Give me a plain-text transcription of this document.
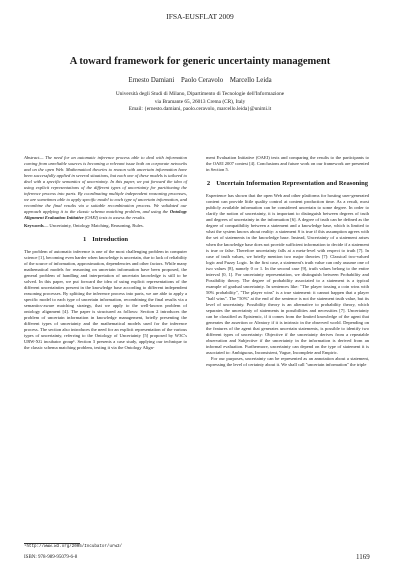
IFSA-EUSFLAT 2009
A toward framework for generic uncertainty management
Ernesto Damiani    Paolo Ceravolo    Marcello Leida
Università degli Studi di Milano, Dipartimento di Tecnologie dell'Informazione
via Bramante 65, 26013 Crema (CR), Italy
Email: {ernesto.damiani, paolo.ceravolo, marcello.leida}@unimi.it

Abstract— The need for an automatic inference process able to deal with information coming from unreliable sources is becoming a relevant issue both on corporate networks and on the open Web. Mathematical theories to reason with uncertain information have been successfully applied in several situations, but each one of these models is tailored to deal with a specific semantics of uncertainty. In this paper, we put forward the idea of using explicit representations of the different types of uncertainty for partitioning the inference process into parts. By coordinating multiple independent reasoning processes, we are sometimes able to apply specific model to each type of uncertain information, and recombine the final results via a suitable recombination process. We validated our approach applying it to the classic schema matching problem, and using the Ontology Alignment Evaluation Initiative (OAEI) tests to assess the results.

Keywords— Uncertainty, Ontology Matching, Reasoning, Rules.

1 Introduction

The problem of automatic inference is one of the most challenging problem in computer science [1], becoming even harder when knowledge is uncertain, due to lack of reliability of the source of information, approximation, dependencies and other factors. While many mathematical models for reasoning on uncertain information have been proposed, the general problem of handling and interpretation of uncertain knowledge is still to be solved. In this paper, we put forward the idea of using explicit representations of the different uncertainties present in the knowledge base according to different independent reasoning processes. By splitting the inference process into parts, we are able to apply a specific model to each type of uncertain information, recombining the final results via a semantics-aware matching strategy, that we apply to the well-known problem of ontology alignment [4]. The paper is structured as follows: Section 2 introduces the problem of uncertain information in knowledge management, briefly presenting the different types of uncertainty and the mathematical models used for the inference process. The section also introduces the need for an explicit representation of the various types of uncertainty, referring to the Ontology of Uncertainty [5] proposed by W3C's URW-XG incubator group¹. Section 3 presents a case study, applying our technique to the classic schema matching problem, testing it via the Ontology Align-

ment Evaluation Initiative (OAEI) tests and comparing the results to the participants to the OAEI 2007 contest [4]. Conclusions and future work on our framework are presented in Section 5.

2 Uncertain Information Representation and Reasoning

Experience has shown that the open Web and other platforms for hosting user-generated content can provide little quality control at content production time. As a result, most publicly available information can be considered uncertain to some degree. In order to clarify the notion of uncertainty, it is important to distinguish between degrees of truth and degrees of uncertainty in the information [6]. A degree of truth can be defined as the degree of compatibility between a statement and a knowledge base, which is limited to what the system knows about reality: a statement S is true if this assumption agrees with the set of statements in the knowledge base. Instead, Uncertainty of a statement arises when the knowledge base does not provide sufficient information to decide if a statement is true or false. Therefore uncertainty falls at a meta-level with respect to truth [7]. In case of truth values, we briefly mention two major theories [7]: Classical two-valued logic and Fuzzy Logic. In the first case, a statement's truth value can only assume one of two values [8], namely 0 or 1. In the second case [9], truth values belong to the entire interval [0, 1]. For uncertainty representation, we distinguish between Probability and Possibility theory. The degree of probability associated to a statement is a typical example of gradual uncertainty. In sentences like: "The player tossing a coin wins with 50% probability", "The player wins" is a true statement: it cannot happen that a player "half wins". The "50%" at the end of the sentence is not the statement truth value, but its level of uncertainty. Possibility theory is an alternative to probability theory, which separates the uncertainty of statements in possibilities and necessities [7]. Uncertainty can be classified as Epistemic, if it comes from the limited knowledge of the agent that generates the assertion or Aleatory if it is intrinsic in the observed world. Depending on the features of the agent that generates uncertain statements, is possible to identify two different types of uncertainty: Objective if the uncertainty derives from a repeatable observation and Subjective if the uncertainty in the information is derived from an informal evaluation. Furthermore, uncertainty can depend on the type of statement it is associated to: Ambiguous, Inconsistent, Vague, Incomplete and Empiric.

For our purposes, uncertainty can be represented as an annotation about a statement, expressing the level of certainty about it. We shall call "uncertain information" the triple

¹http://www.w3.org/2005/Incubator/urw3/
ISBN: 978-989-95079-6-8	1169
